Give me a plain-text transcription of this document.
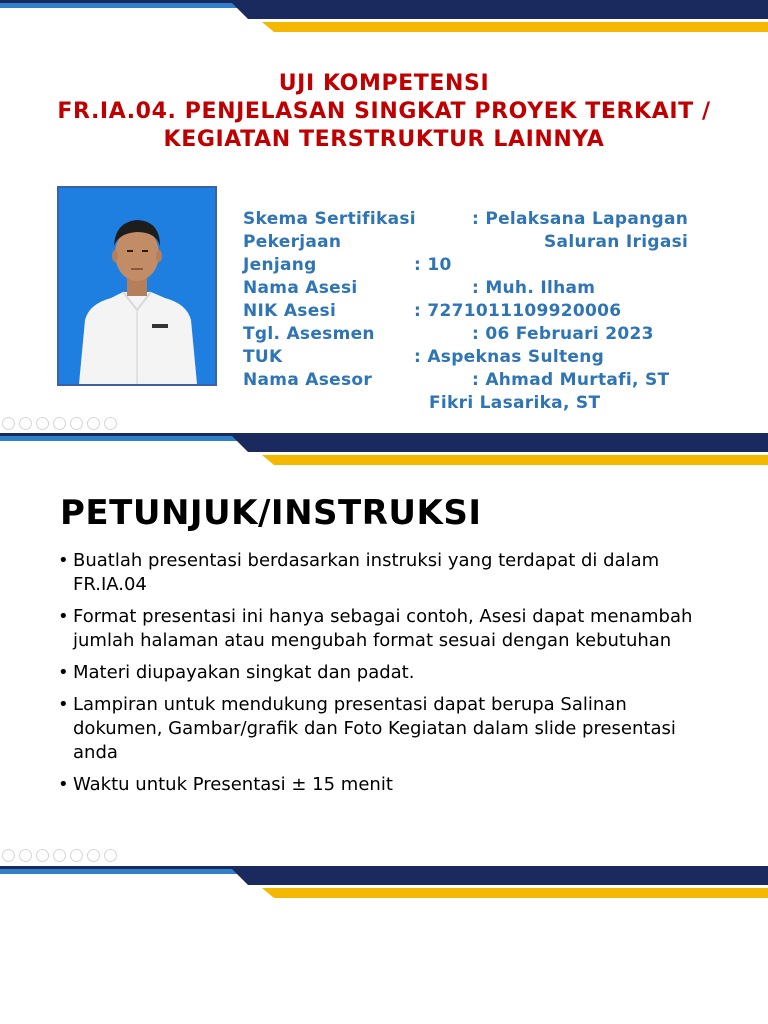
UJI KOMPETENSI
FR.IA.04. PENJELASAN SINGKAT PROYEK TERKAIT /
KEGIATAN TERSTRUKTUR LAINNYA
Skema Sertifikasi	: Pelaksana Lapangan
Pekerjaan	Saluran Irigasi
Jenjang	: 10
Nama Asesi	: Muh. Ilham
NIK Asesi	: 7271011109920006
Tgl. Asesmen	: 06 Februari 2023
TUK	: Aspeknas Sulteng
Nama Asesor	: Ahmad Murtafi, ST
Fikri Lasarika, ST
PETUNJUK/INSTRUKSI
• Buatlah presentasi berdasarkan instruksi yang terdapat di dalam FR.IA.04
• Format presentasi ini hanya sebagai contoh, Asesi dapat menambah jumlah halaman atau mengubah format sesuai dengan kebutuhan
• Materi diupayakan singkat dan padat.
• Lampiran untuk mendukung presentasi dapat berupa Salinan dokumen, Gambar/grafik dan Foto Kegiatan dalam slide presentasi anda
• Waktu untuk Presentasi ± 15 menit
